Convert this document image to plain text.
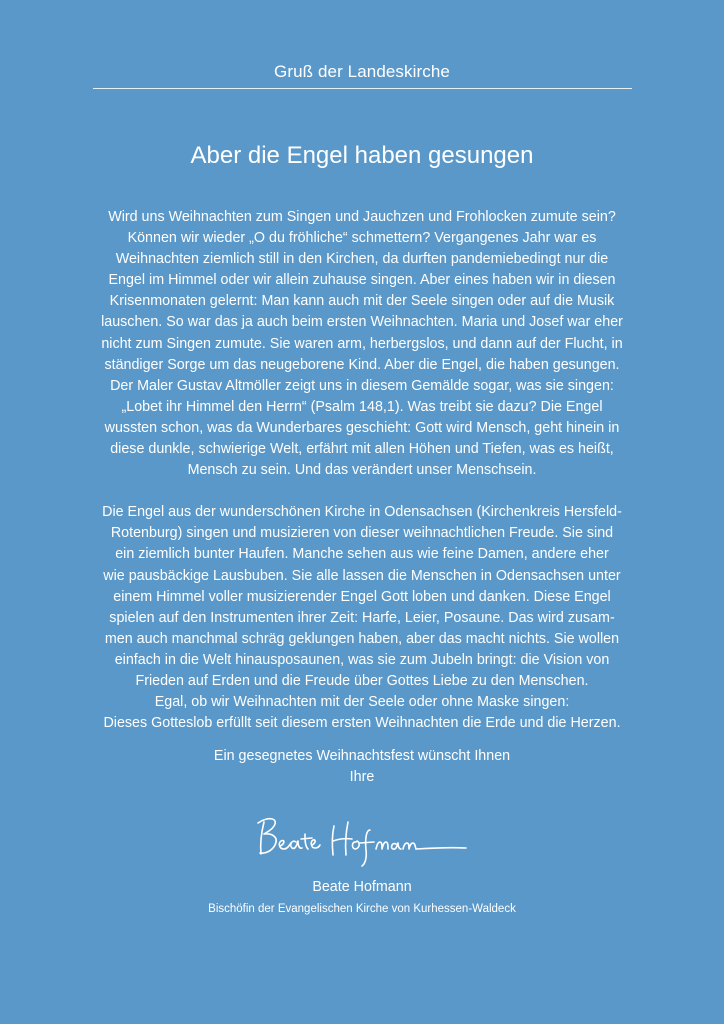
Gruß der Landeskirche
Aber die Engel haben gesungen
Wird uns Weihnachten zum Singen und Jauchzen und Frohlocken zumute sein?
Können wir wieder „O du fröhliche“ schmettern? Vergangenes Jahr war es
Weihnachten ziemlich still in den Kirchen, da durften pandemiebedingt nur die
Engel im Himmel oder wir allein zuhause singen. Aber eines haben wir in diesen
Krisenmonaten gelernt: Man kann auch mit der Seele singen oder auf die Musik
lauschen. So war das ja auch beim ersten Weihnachten. Maria und Josef war eher
nicht zum Singen zumute. Sie waren arm, herbergslos, und dann auf der Flucht, in
ständiger Sorge um das neugeborene Kind. Aber die Engel, die haben gesungen.
Der Maler Gustav Altmöller zeigt uns in diesem Gemälde sogar, was sie singen:
„Lobet ihr Himmel den Herrn“ (Psalm 148,1). Was treibt sie dazu? Die Engel
wussten schon, was da Wunderbares geschieht: Gott wird Mensch, geht hinein in
diese dunkle, schwierige Welt, erfährt mit allen Höhen und Tiefen, was es heißt,
Mensch zu sein. Und das verändert unser Menschsein.
Die Engel aus der wunderschönen Kirche in Odensachsen (Kirchenkreis Hersfeld-
Rotenburg) singen und musizieren von dieser weihnachtlichen Freude. Sie sind
ein ziemlich bunter Haufen. Manche sehen aus wie feine Damen, andere eher
wie pausbäckige Lausbuben. Sie alle lassen die Menschen in Odensachsen unter
einem Himmel voller musizierender Engel Gott loben und danken. Diese Engel
spielen auf den Instrumenten ihrer Zeit: Harfe, Leier, Posaune. Das wird zusam-
men auch manchmal schräg geklungen haben, aber das macht nichts. Sie wollen
einfach in die Welt hinausposaunen, was sie zum Jubeln bringt: die Vision von
Frieden auf Erden und die Freude über Gottes Liebe zu den Menschen.
Egal, ob wir Weihnachten mit der Seele oder ohne Maske singen:
Dieses Gotteslob erfüllt seit diesem ersten Weihnachten die Erde und die Herzen.
Ein gesegnetes Weihnachtsfest wünscht Ihnen
Ihre
Beate Hofmann
Bischöfin der Evangelischen Kirche von Kurhessen-Waldeck
